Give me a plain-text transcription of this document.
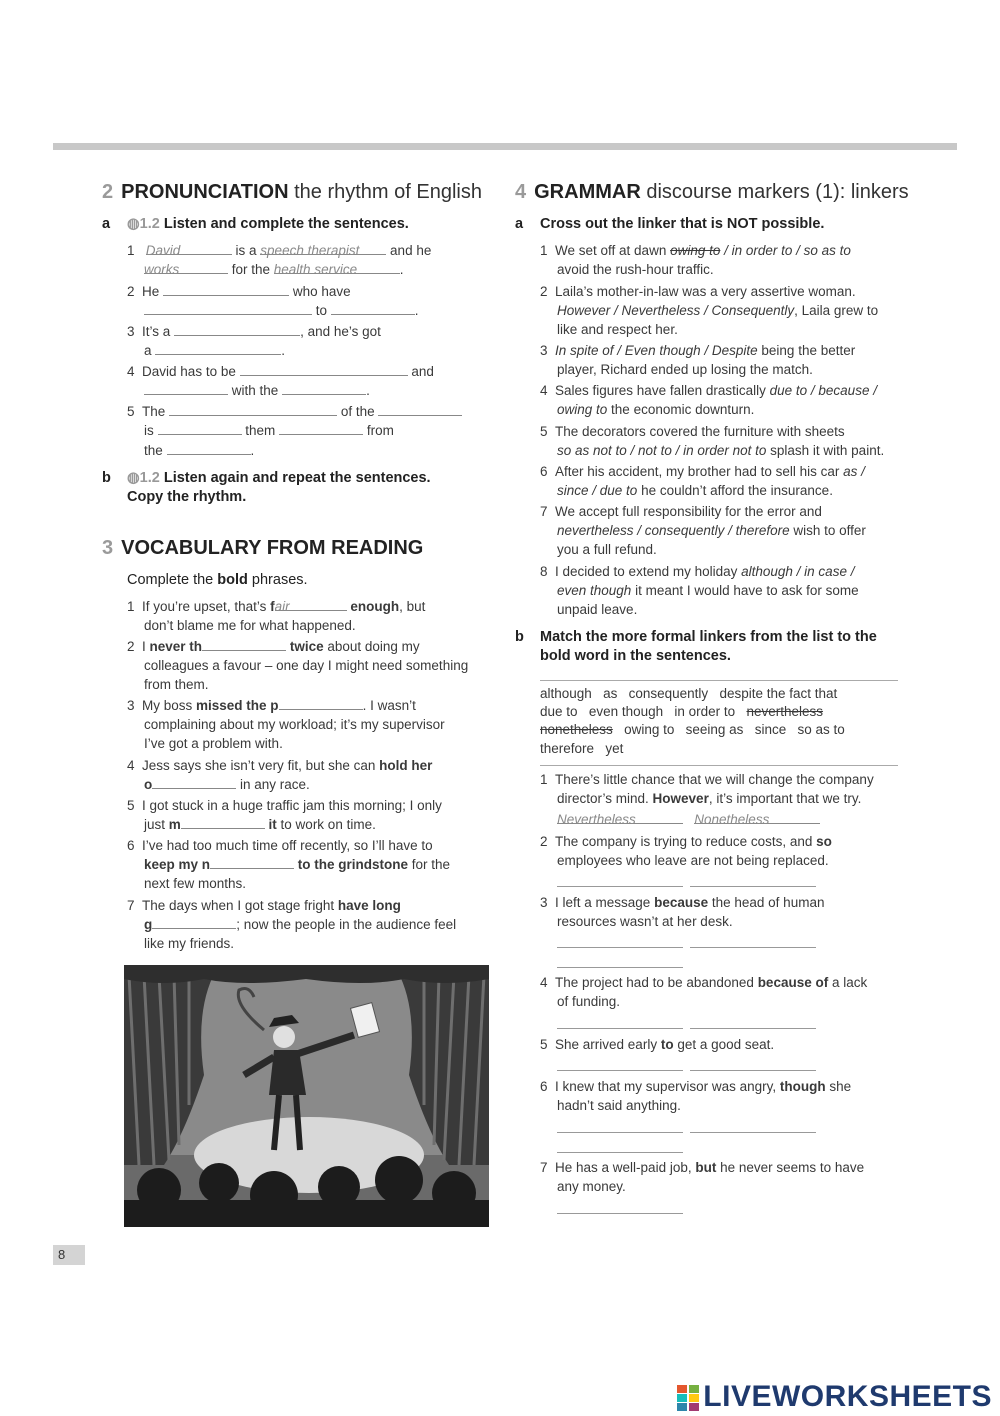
2 PRONUNCIATION the rhythm of English
a ◍1.2 Listen and complete the sentences.
1 David	is a speech therapist and he
works	for the health service	.
2 He	who have
to	.
3 It’s a	, and he’s got
a	.
4 David has to be	and
with the	.
5 The	of the
is	them	from
the	.
b ◍1.2 Listen again and repeat the sentences.
Copy the rhythm.
3 VOCABULARY FROM READING
Complete the bold phrases.
1  If you’re upset, that’s fair	enough, but
don’t blame me for what happened.
2  I never th	twice about doing my
colleagues a favour – one day I might need something
from them.
3  My boss missed the p	. I wasn’t
complaining about my workload; it’s my supervisor
I’ve got a problem with.
4  Jess says she isn’t very fit, but she can hold her
o	in any race.
5  I got stuck in a huge traffic jam this morning; I only
just m	it to work on time.
6  I’ve had too much time off recently, so I’ll have to
keep my n	to the grindstone for the
next few months.
7  The days when I got stage fright have long
g	; now the people in the audience feel
like my friends.
4 GRAMMAR discourse markers (1): linkers
a Cross out the linker that is NOT possible.
1  We set off at dawn owing to / in order to / so as to
avoid the rush-hour traffic.
2  Laila’s mother-in-law was a very assertive woman.
However / Nevertheless / Consequently, Laila grew to
like and respect her.
3  In spite of / Even though / Despite being the better
player, Richard ended up losing the match.
4  Sales figures have fallen drastically due to / because /
owing to the economic downturn.
5  The decorators covered the furniture with sheets
so as not to / not to / in order not to splash it with paint.
6  After his accident, my brother had to sell his car as /
since / due to he couldn’t afford the insurance.
7  We accept full responsibility for the error and
nevertheless / consequently / therefore wish to offer
you a full refund.
8  I decided to extend my holiday although / in case /
even though it meant I would have to ask for some
unpaid leave.
b Match the more formal linkers from the list to the
bold word in the sentences.
although as consequently despite the fact that
due to even though in order to nevertheless
nonetheless owing to seeing as since so as to
therefore yet
1  There’s little chance that we will change the company
director’s mind. However, it’s important that we try.
Nevertheless	Nonetheless
2  The company is trying to reduce costs, and so
employees who leave are not being replaced.
3  I left a message because the head of human
resources wasn’t at her desk.
4  The project had to be abandoned because of a lack
of funding.
5  She arrived early to get a good seat.
6  I knew that my supervisor was angry, though she
hadn’t said anything.
7  He has a well-paid job, but he never seems to have
any money.
8
LIVEWORKSHEETS
